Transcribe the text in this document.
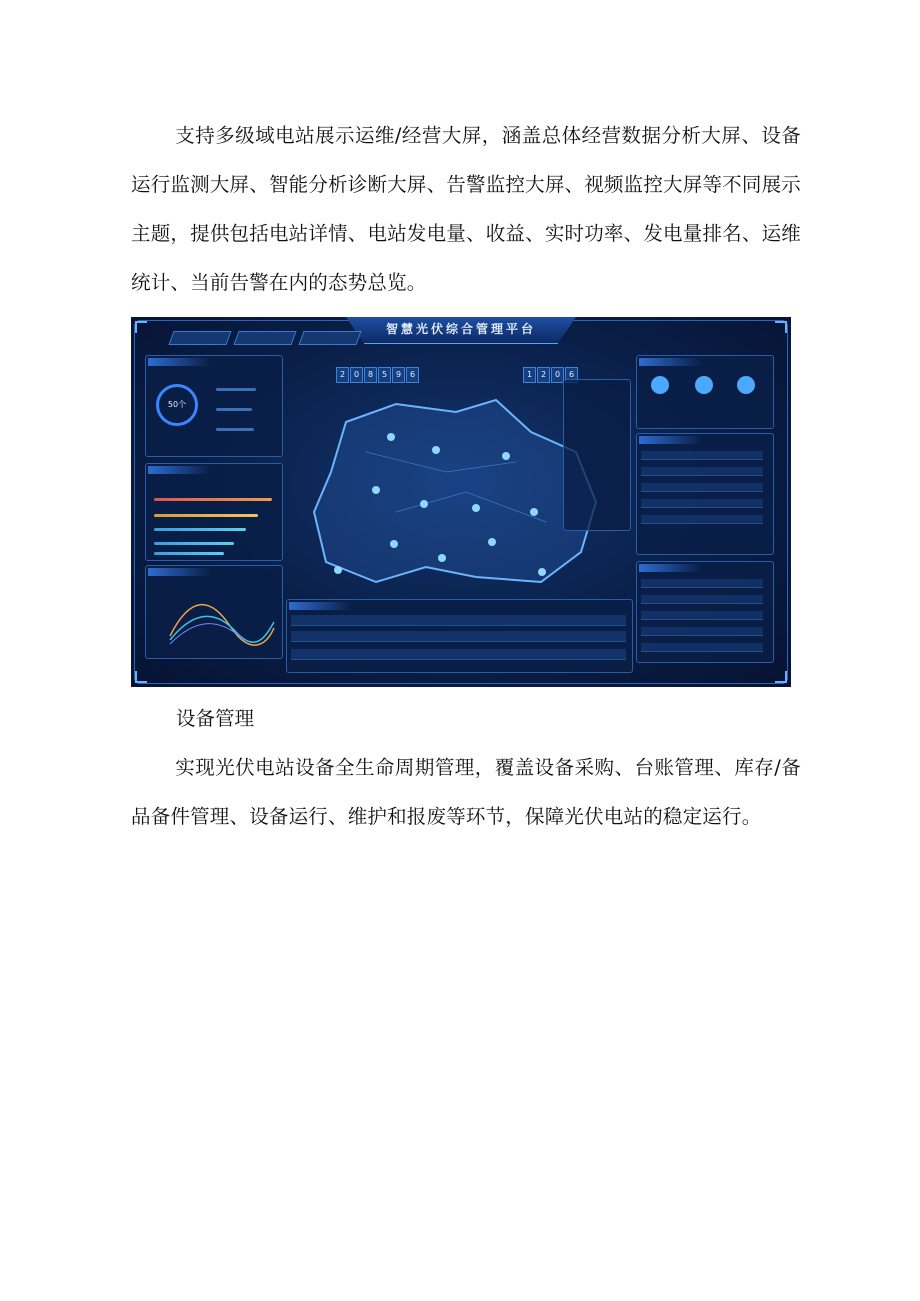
支持多级域电站展示运维/经营大屏，涵盖总体经营数据分析大屏、设备运行监测大屏、智能分析诊断大屏、告警监控大屏、视频监控大屏等不同展示主题，提供包括电站详情、电站发电量、收益、实时功率、发电量排名、运维统计、当前告警在内的态势总览。

智慧光伏综合管理平台
50个
2	0	8	5	9	6	1	2	0	6
设备管理

实现光伏电站设备全生命周期管理，覆盖设备采购、台账管理、库存/备品备件管理、设备运行、维护和报废等环节，保障光伏电站的稳定运行。
